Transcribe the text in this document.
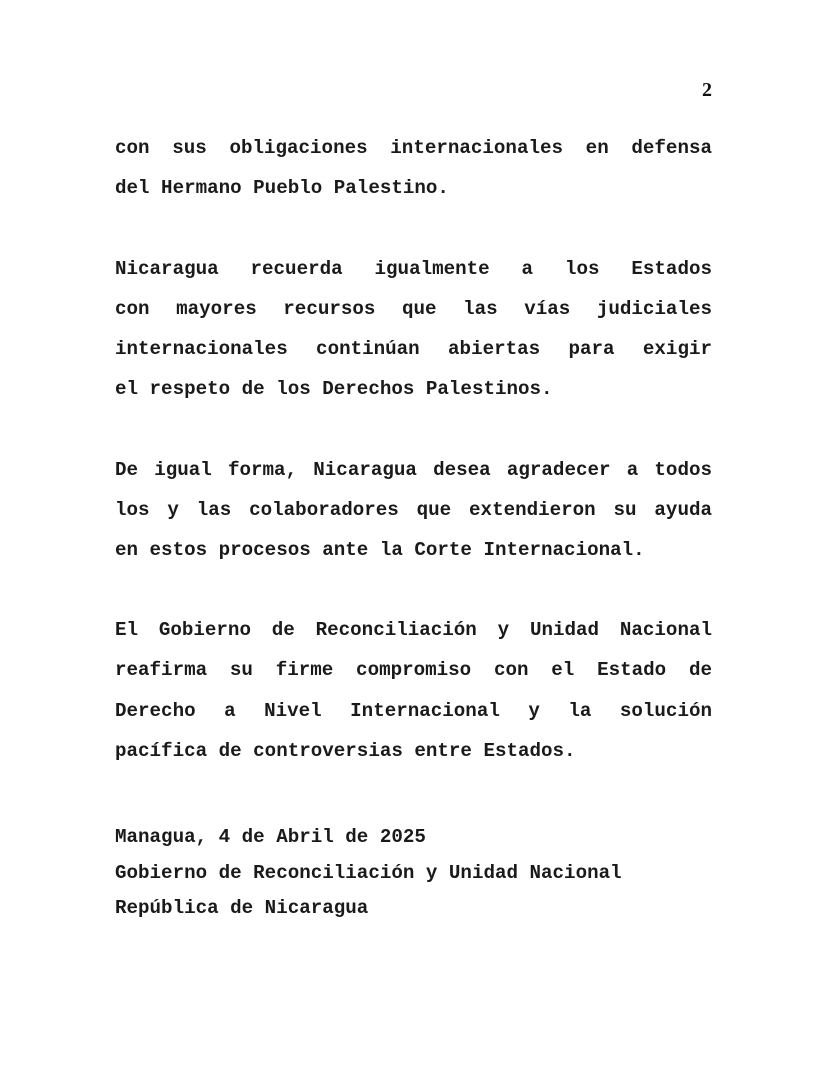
2

con sus obligaciones internacionales en defensa
del Hermano Pueblo Palestino.

Nicaragua recuerda igualmente a los Estados
con mayores recursos que las vías judiciales
internacionales continúan abiertas para exigir
el respeto de los Derechos Palestinos.

De igual forma, Nicaragua desea agradecer a todos
los y las colaboradores que extendieron su ayuda
en estos procesos ante la Corte Internacional.

El Gobierno de Reconciliación y Unidad Nacional
reafirma su firme compromiso con el Estado de
Derecho a Nivel Internacional y la solución
pacífica de controversias entre Estados.

Managua, 4 de Abril de 2025
Gobierno de Reconciliación y Unidad Nacional
República de Nicaragua
